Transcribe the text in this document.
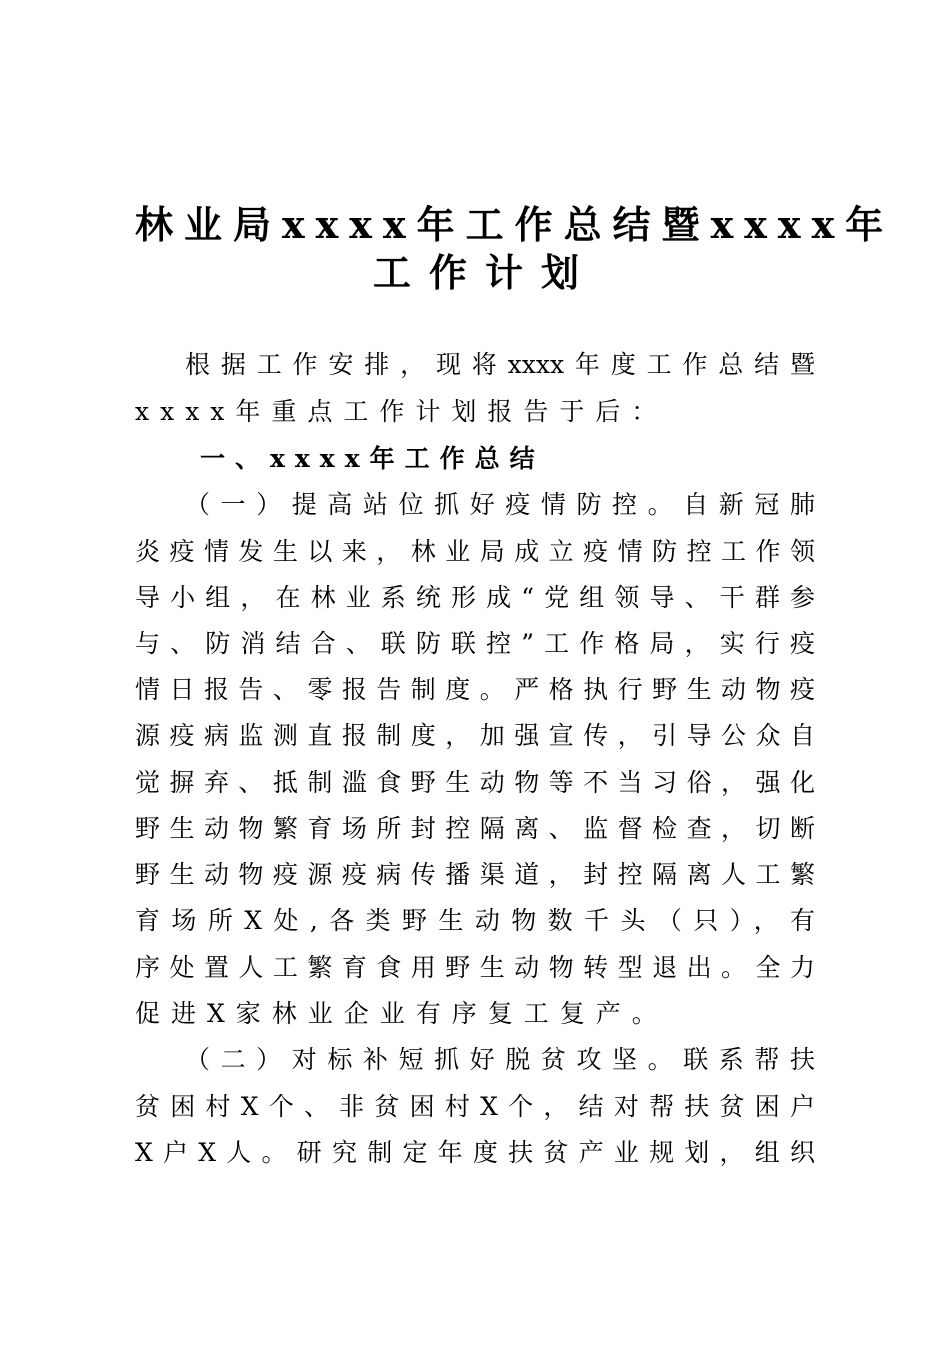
林业局xxxx年工作总结暨xxxx年
工作计划
根据工作安排，现将xxxx年度工作总结暨
xxxx年重点工作计划报告于后：
一、xxxx年工作总结
（一）提高站位抓好疫情防控。自新冠肺
炎疫情发生以来，林业局成立疫情防控工作领
导小组，在林业系统形成“党组领导、干群参
与、防消结合、联防联控”工作格局，实行疫
情日报告、零报告制度。严格执行野生动物疫
源疫病监测直报制度，加强宣传，引导公众自
觉摒弃、抵制滥食野生动物等不当习俗，强化
野生动物繁育场所封控隔离、监督检查，切断
野生动物疫源疫病传播渠道，封控隔离人工繁
育场所X处,各类野生动物数千头（只），有
序处置人工繁育食用野生动物转型退出。全力
促进X家林业企业有序复工复产。
（二）对标补短抓好脱贫攻坚。联系帮扶
贫困村X个、非贫困村X个，结对帮扶贫困户
X户X人。研究制定年度扶贫产业规划，组织
